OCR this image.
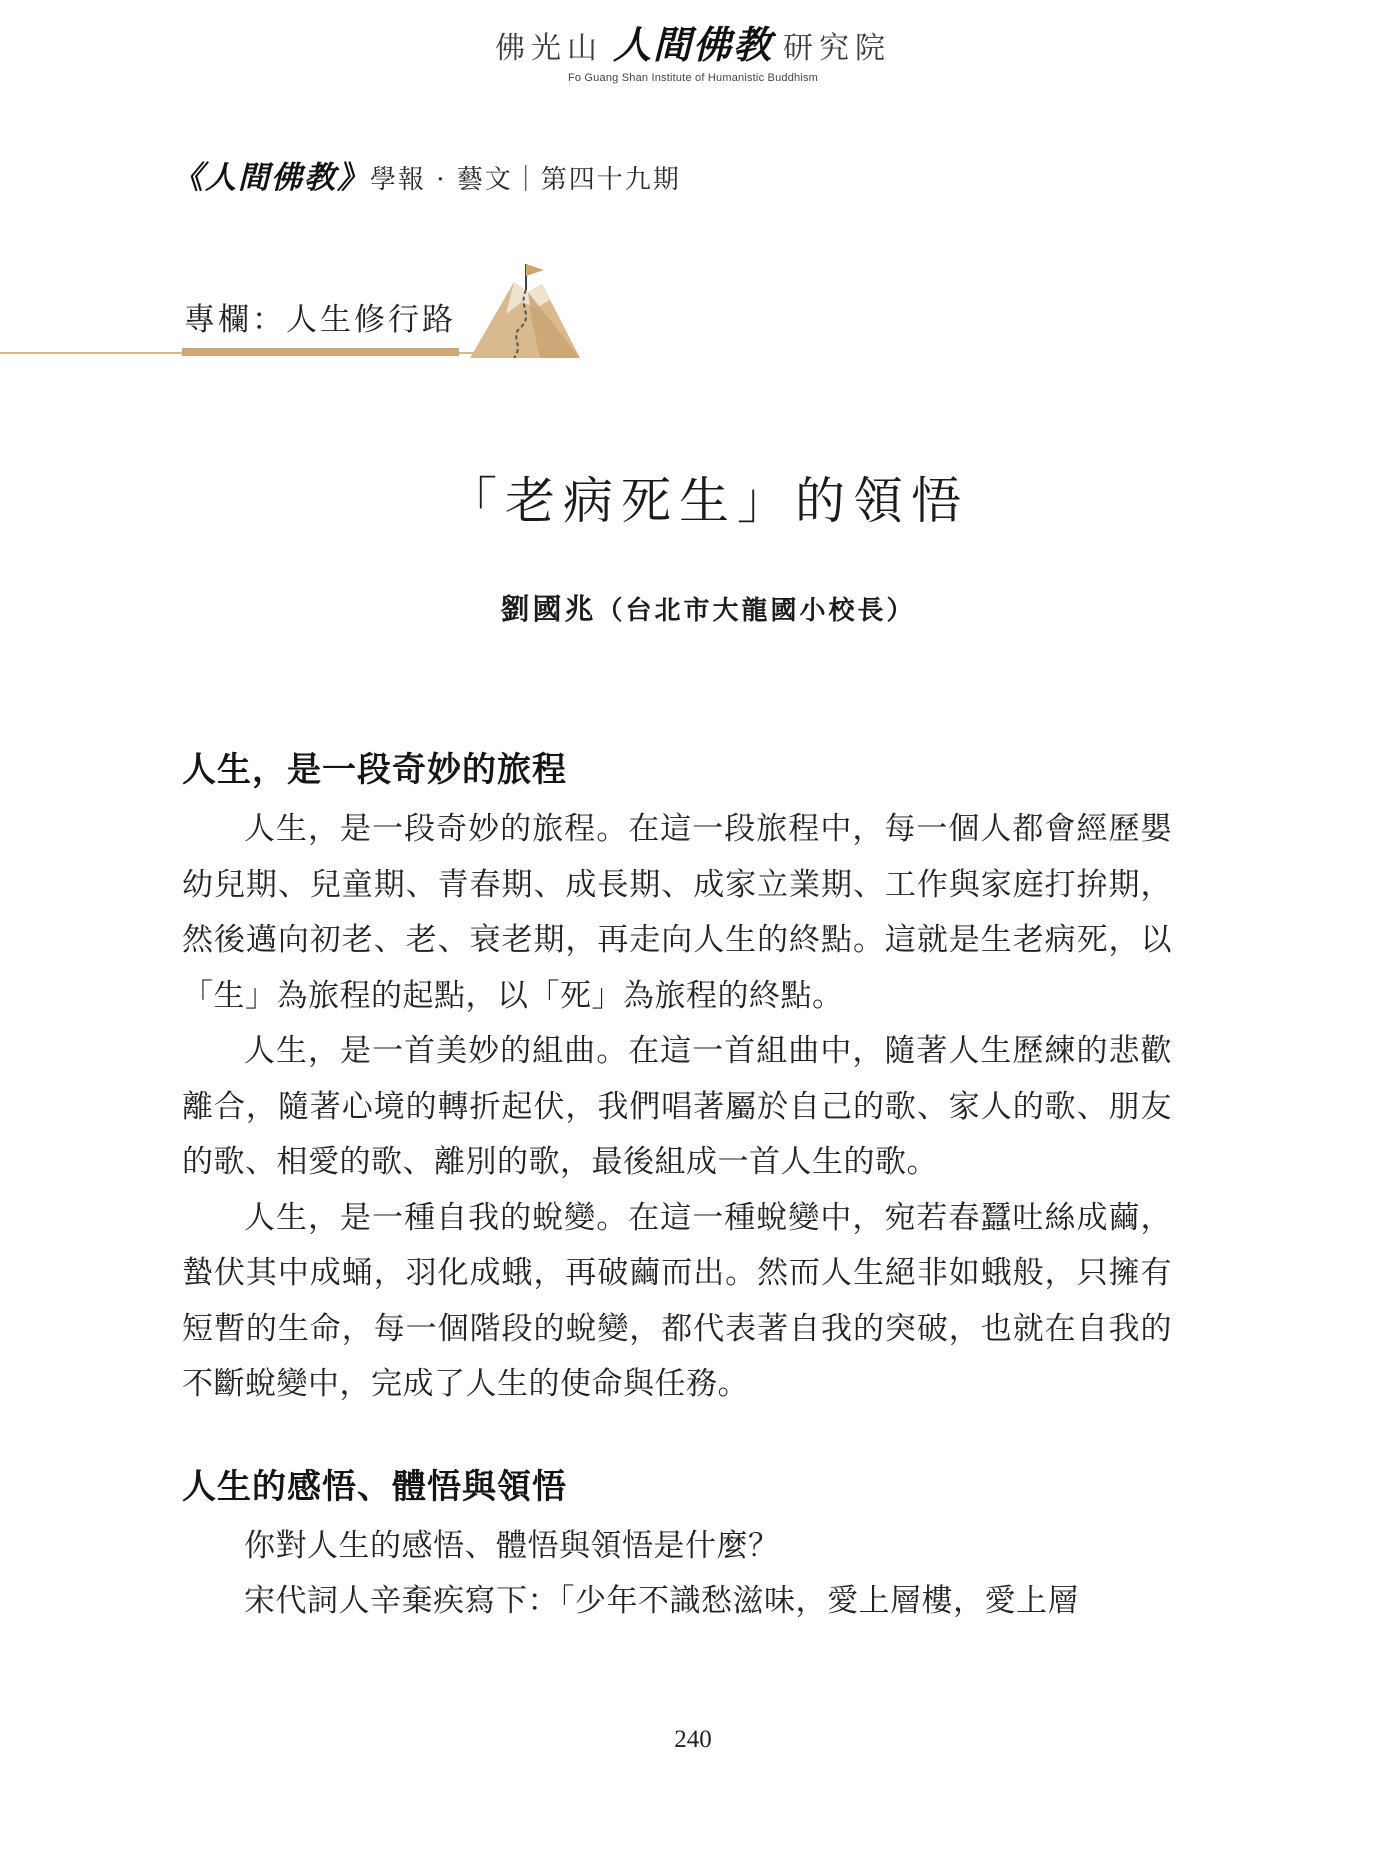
佛光山 人間佛教 研究院
Fo Guang Shan Institute of Humanistic Buddhism
《人間佛教》學報 · 藝文｜第四十九期
專欄：人生修行路
「老病死生」的領悟
劉國兆（台北市大龍國小校長）
人生，是一段奇妙的旅程

人生，是一段奇妙的旅程。在這一段旅程中，每一個人都會經歷嬰幼兒期、兒童期、青春期、成長期、成家立業期、工作與家庭打拚期，然後邁向初老、老、衰老期，再走向人生的終點。這就是生老病死，以「生」為旅程的起點，以「死」為旅程的終點。

人生，是一首美妙的組曲。在這一首組曲中，隨著人生歷練的悲歡離合，隨著心境的轉折起伏，我們唱著屬於自己的歌、家人的歌、朋友的歌、相愛的歌、離別的歌，最後組成一首人生的歌。

人生，是一種自我的蛻變。在這一種蛻變中，宛若春蠶吐絲成繭，蟄伏其中成蛹，羽化成蛾，再破繭而出。然而人生絕非如蛾般，只擁有短暫的生命，每一個階段的蛻變，都代表著自我的突破，也就在自我的不斷蛻變中，完成了人生的使命與任務。

人生的感悟、體悟與領悟

你對人生的感悟、體悟與領悟是什麼？

宋代詞人辛棄疾寫下：「少年不識愁滋味，愛上層樓，愛上層

240
